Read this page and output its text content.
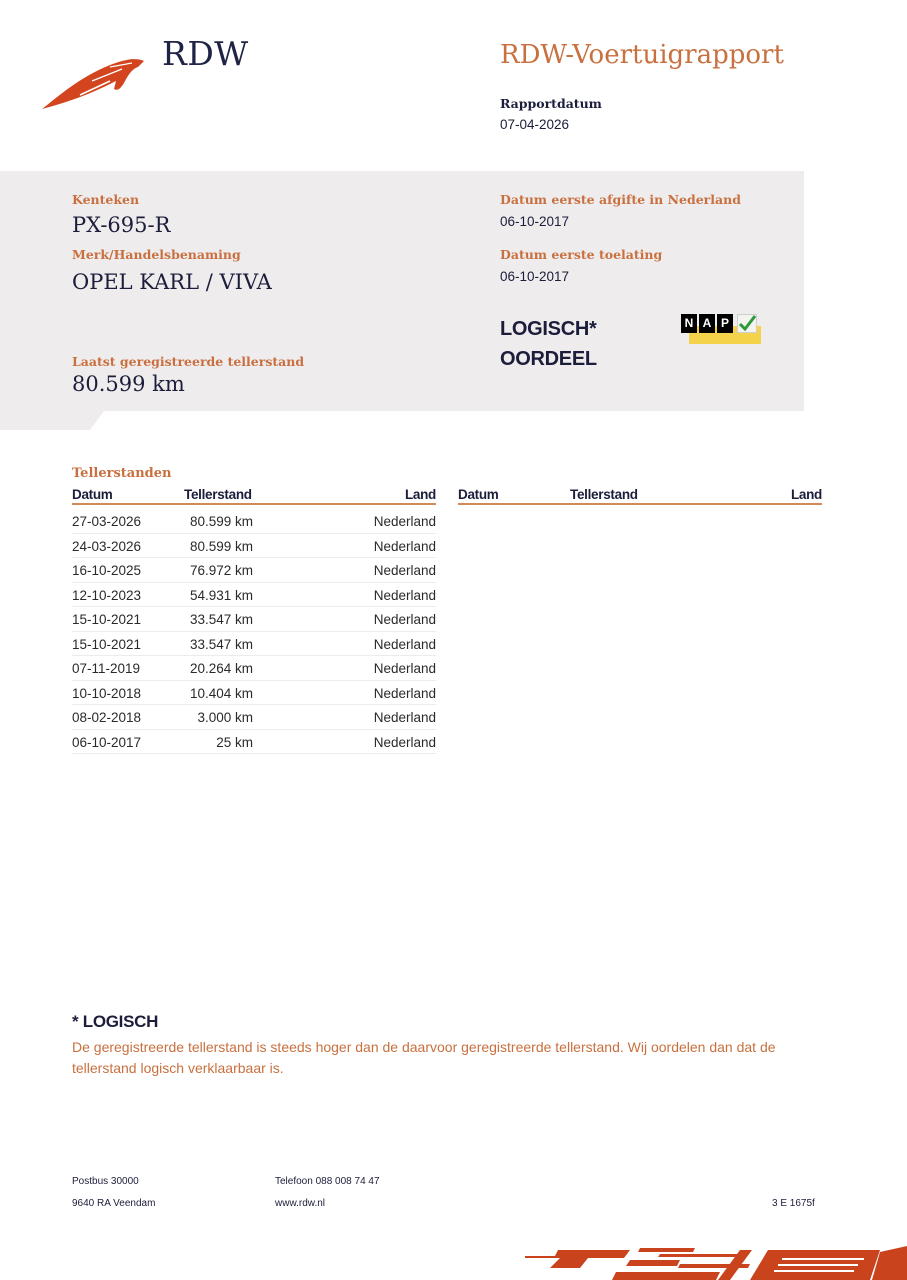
RDW	RDW-Voertuigrapport
Rapportdatum
07-04-2026
Kenteken
PX-695-R
Merk/Handelsbenaming
OPEL KARL / VIVA
Laatst geregistreerde tellerstand
80.599 km
Datum eerste afgifte in Nederland
06-10-2017
Datum eerste toelating
06-10-2017
LOGISCH*
OORDEEL
N A P
Tellerstanden
Datum	Tellerstand	Land
27-03-2026	80.599 km	Nederland
24-03-2026	80.599 km	Nederland
16-10-2025	76.972 km	Nederland
12-10-2023	54.931 km	Nederland
15-10-2021	33.547 km	Nederland
15-10-2021	33.547 km	Nederland
07-11-2019	20.264 km	Nederland
10-10-2018	10.404 km	Nederland
08-02-2018	3.000 km	Nederland
06-10-2017	25 km	Nederland
Datum	Tellerstand	Land
* LOGISCH
De geregistreerde tellerstand is steeds hoger dan de daarvoor geregistreerde tellerstand. Wij oordelen dan dat de tellerstand logisch verklaarbaar is.
Postbus 30000
9640 RA Veendam
Telefoon 088 008 74 47
www.rdw.nl	3 E 1675f
